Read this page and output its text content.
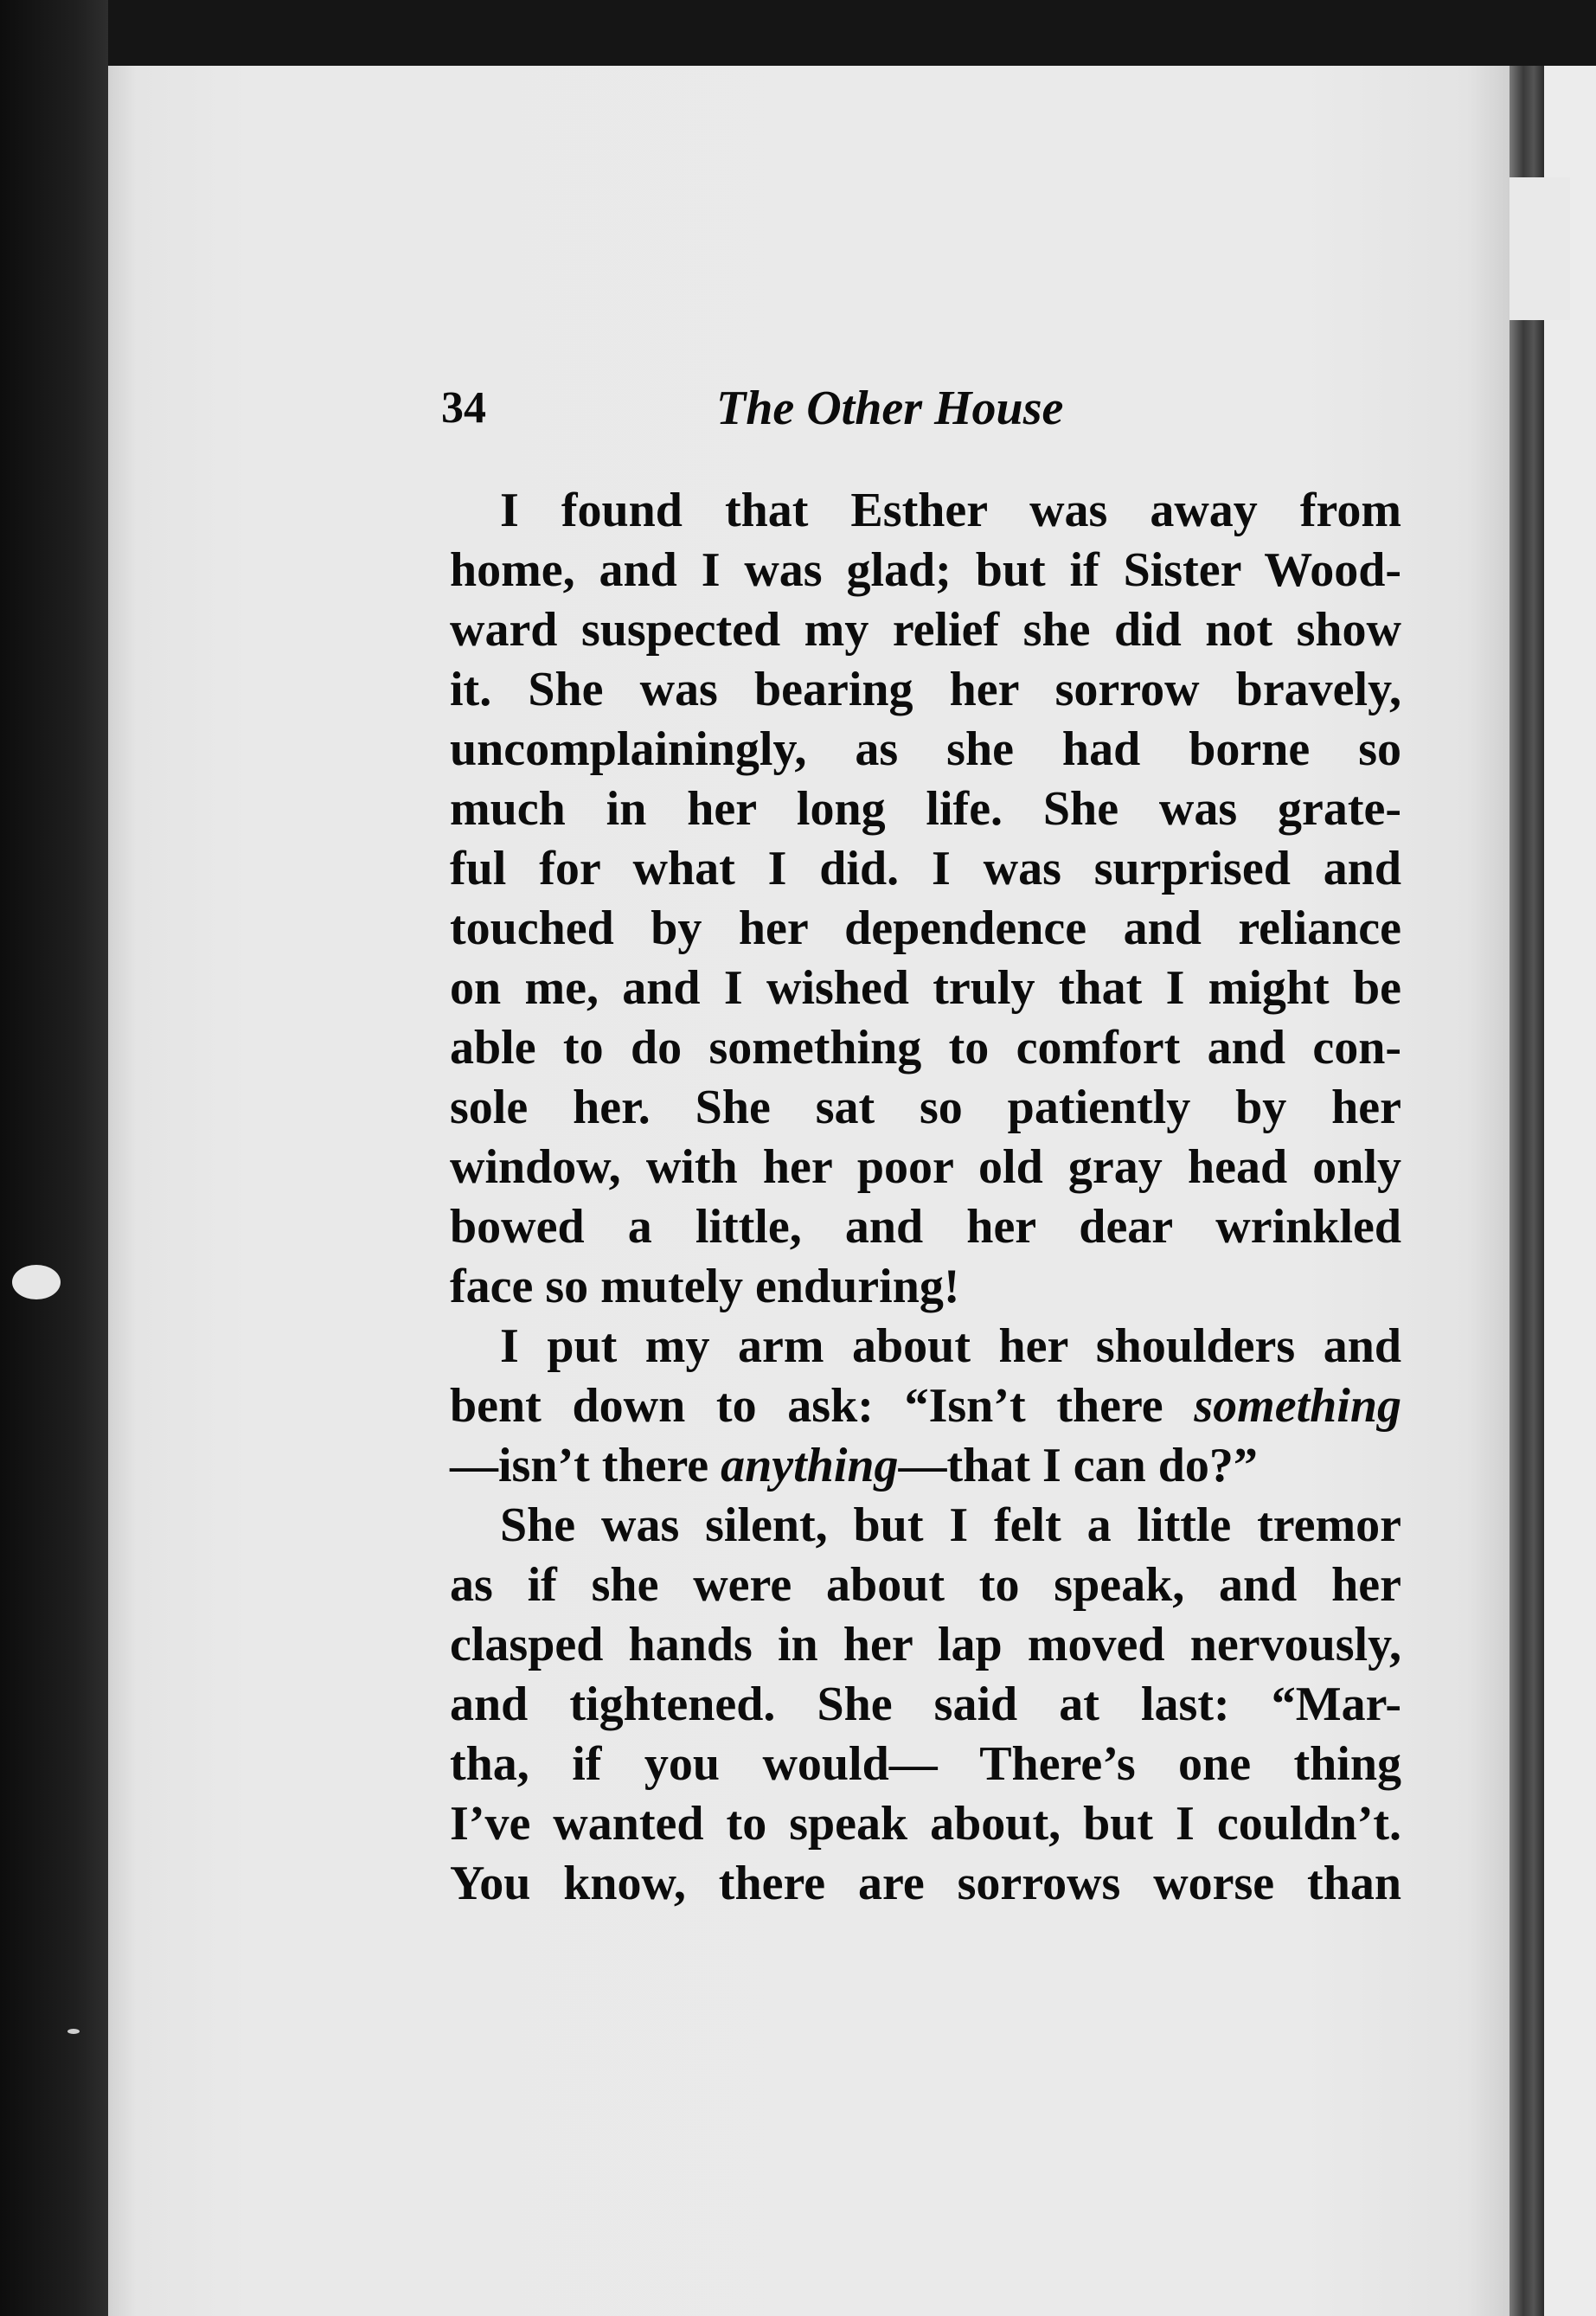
34	The Other House
I found that Esther was away from
home, and I was glad; but if Sister Wood-
ward suspected my relief she did not show
it. She was bearing her sorrow bravely,
uncomplainingly, as she had borne so
much in her long life. She was grate-
ful for what I did. I was surprised and
touched by her dependence and reliance
on me, and I wished truly that I might be
able to do something to comfort and con-
sole her. She sat so patiently by her
window, with her poor old gray head only
bowed a little, and her dear wrinkled
face so mutely enduring!
I put my arm about her shoulders and
bent down to ask: “Isn’t there something
—isn’t there anything—that I can do?”
She was silent, but I felt a little tremor
as if she were about to speak, and her
clasped hands in her lap moved nervously,
and tightened. She said at last: “Mar-
tha, if you would— There’s one thing
I’ve wanted to speak about, but I couldn’t.
You know, there are sorrows worse than
